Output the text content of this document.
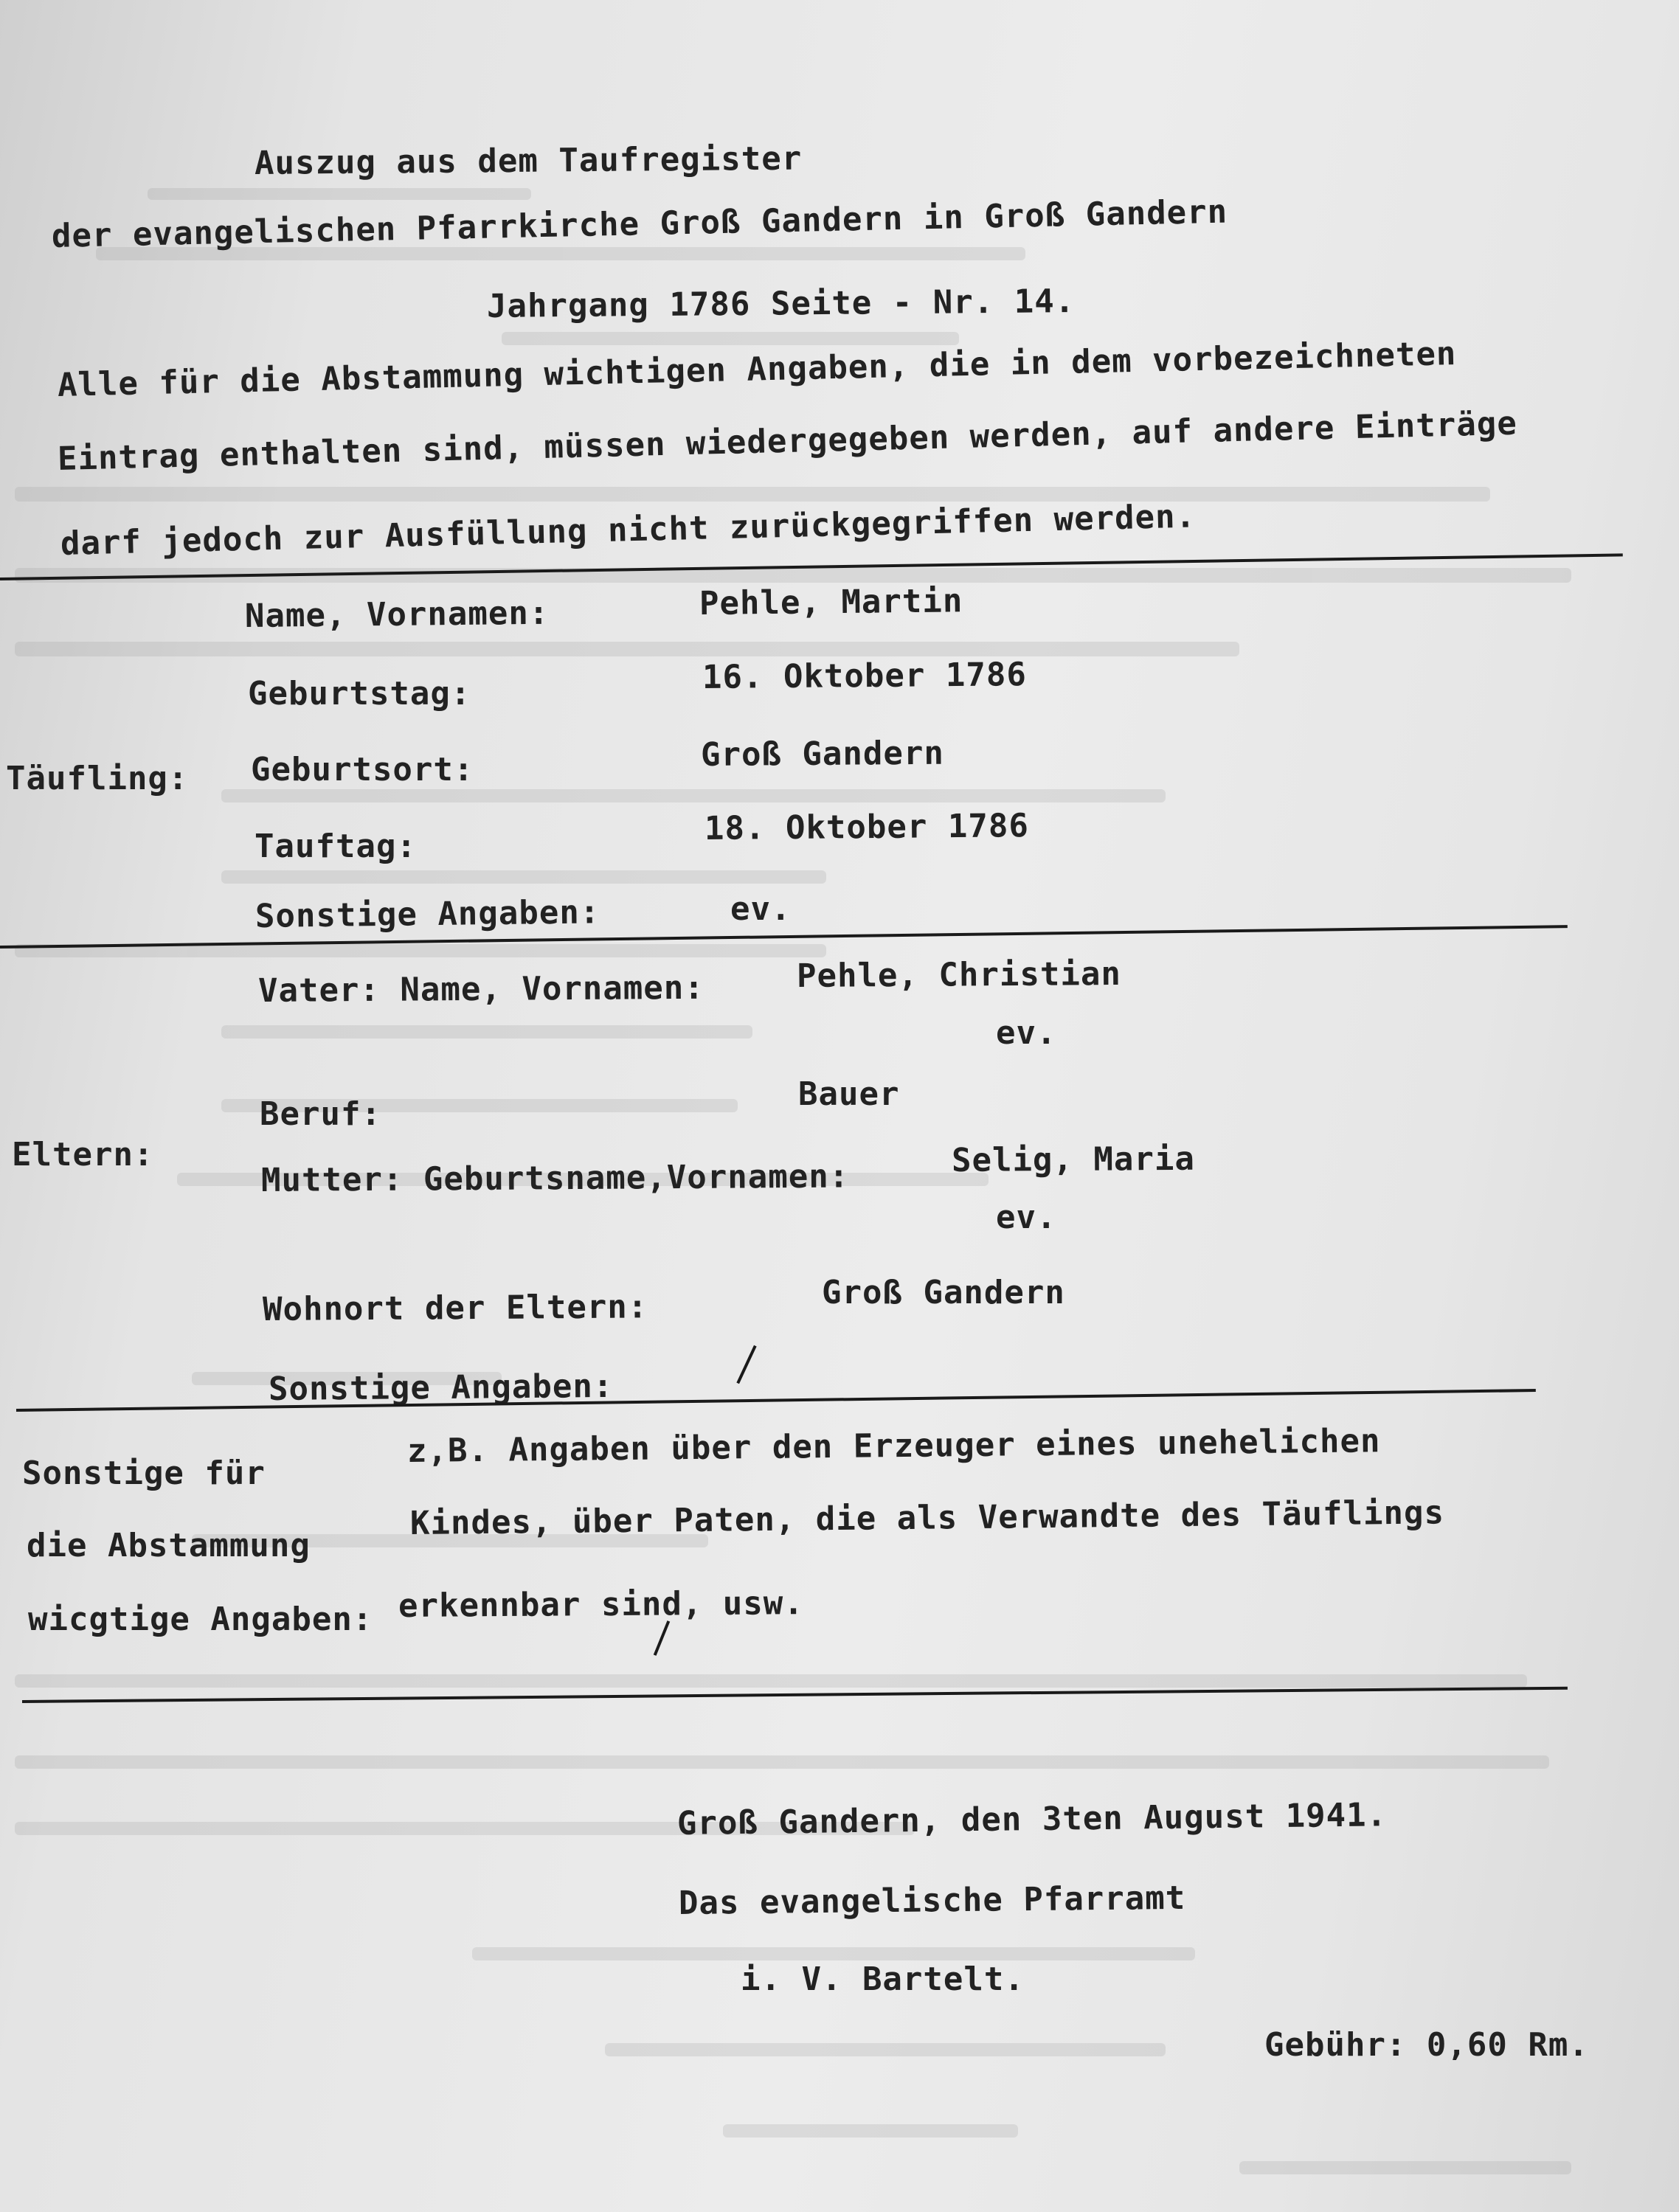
Auszug aus dem Taufregister
der evangelischen Pfarrkirche Groß Gandern in Groß Gandern
Jahrgang 1786 Seite - Nr. 14.
Alle für die Abstammung wichtigen Angaben, die in dem vorbezeichneten
Eintrag enthalten sind, müssen wiedergegeben werden, auf andere Einträge
darf jedoch zur Ausfüllung nicht zurückgegriffen werden.
Täufling:
Name, Vornamen:	Pehle, Martin
Geburtstag:	16. Oktober 1786
Geburtsort:	Groß Gandern
Tauftag:	18. Oktober 1786
Sonstige Angaben:	ev.
Eltern:
Vater: Name, Vornamen:	Pehle, Christian
ev.
Beruf:
Bauer
Mutter: Geburtsname,Vornamen:	Selig, Maria
ev.
Wohnort der Eltern:	Groß Gandern
Sonstige Angaben:
Sonstige für
die Abstammung
wicgtige Angaben:
z,B. Angaben über den Erzeuger eines unehelichen
Kindes, über Paten, die als Verwandte des Täuflings
erkennbar sind, usw.
Groß Gandern, den 3ten August 1941.
Das evangelische Pfarramt
i. V. Bartelt.
Gebühr: 0,60 Rm.
